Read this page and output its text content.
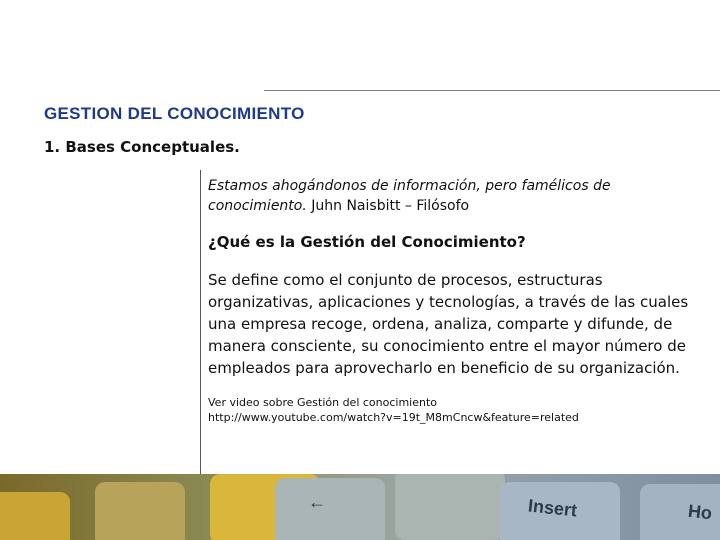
GESTION DEL CONOCIMIENTO
1. Bases Conceptuales.

Estamos ahogándonos de información, pero famélicos de conocimiento. Juhn Naisbitt – Filósofo

¿Qué es la Gestión del Conocimiento?

Se define como el conjunto de procesos, estructuras organizativas, aplicaciones y tecnologías, a través de las cuales una empresa recoge, ordena, analiza, comparte y difunde, de manera consciente, su conocimiento entre el mayor número de empleados para aprovecharlo en beneficio de su organización.

Ver video sobre Gestión del conocimiento
http://www.youtube.com/watch?v=19t_M8mCncw&feature=related
←	Insert	Ho
